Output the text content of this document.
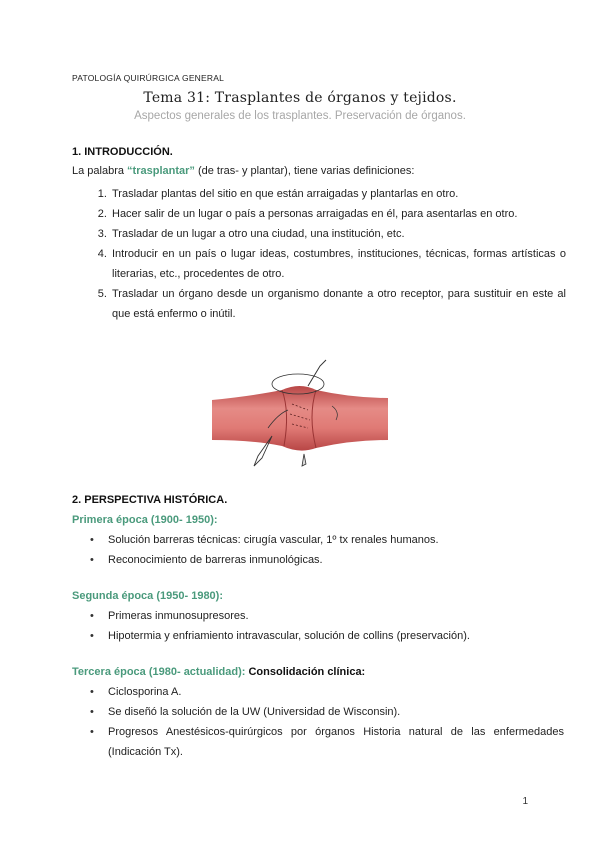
PATOLOGÍA QUIRÚRGICA GENERAL
Tema 31: Trasplantes de órganos y tejidos.
Aspectos generales de los trasplantes. Preservación de órganos.
1. INTRODUCCIÓN.
La palabra “trasplantar” (de tras- y plantar), tiene varias definiciones:
1. Trasladar plantas del sitio en que están arraigadas y plantarlas en otro.
2. Hacer salir de un lugar o país a personas arraigadas en él, para asentarlas en otro.
3. Trasladar de un lugar a otro una ciudad, una institución, etc.
4. Introducir en un país o lugar ideas, costumbres, instituciones, técnicas, formas artísticas o literarias, etc., procedentes de otro.
5. Trasladar un órgano desde un organismo donante a otro receptor, para sustituir en este al que está enfermo o inútil.
2. PERSPECTIVA HISTÓRICA.
Primera época (1900- 1950):
• Solución barreras técnicas: cirugía vascular, 1º tx renales humanos.
• Reconocimiento de barreras inmunológicas.
Segunda época (1950- 1980):
• Primeras inmunosupresores.
• Hipotermia y enfriamiento intravascular, solución de collins (preservación).
Tercera época (1980- actualidad): Consolidación clínica:
• Ciclosporina A.
• Se diseñó la solución de la UW (Universidad de Wisconsin).
• Progresos Anestésicos-quirúrgicos por órganos Historia natural de las enfermedades (Indicación Tx).
1
